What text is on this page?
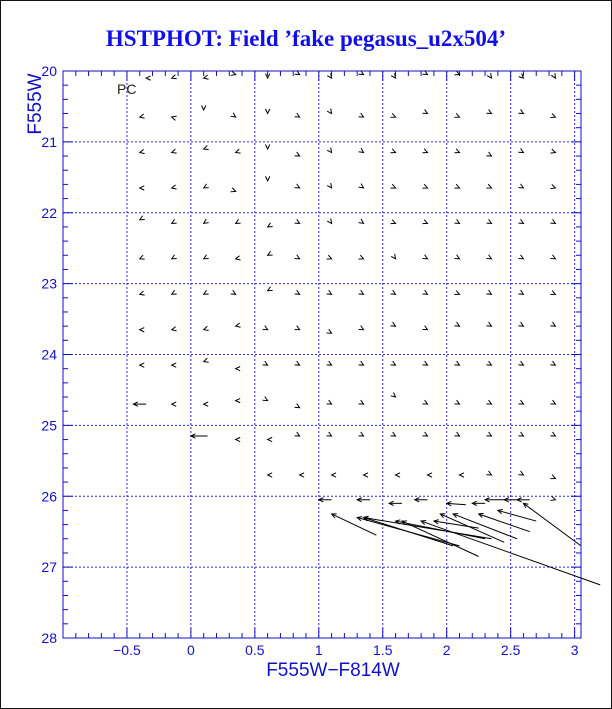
HSTPHOT: Field ’fake pegasus_u2x504’
−0.5	0	0.5	1	1.5	2	2.5	3
20
21
22
23
24
25
26
27
28
PC
F555W−F814W
F555W
